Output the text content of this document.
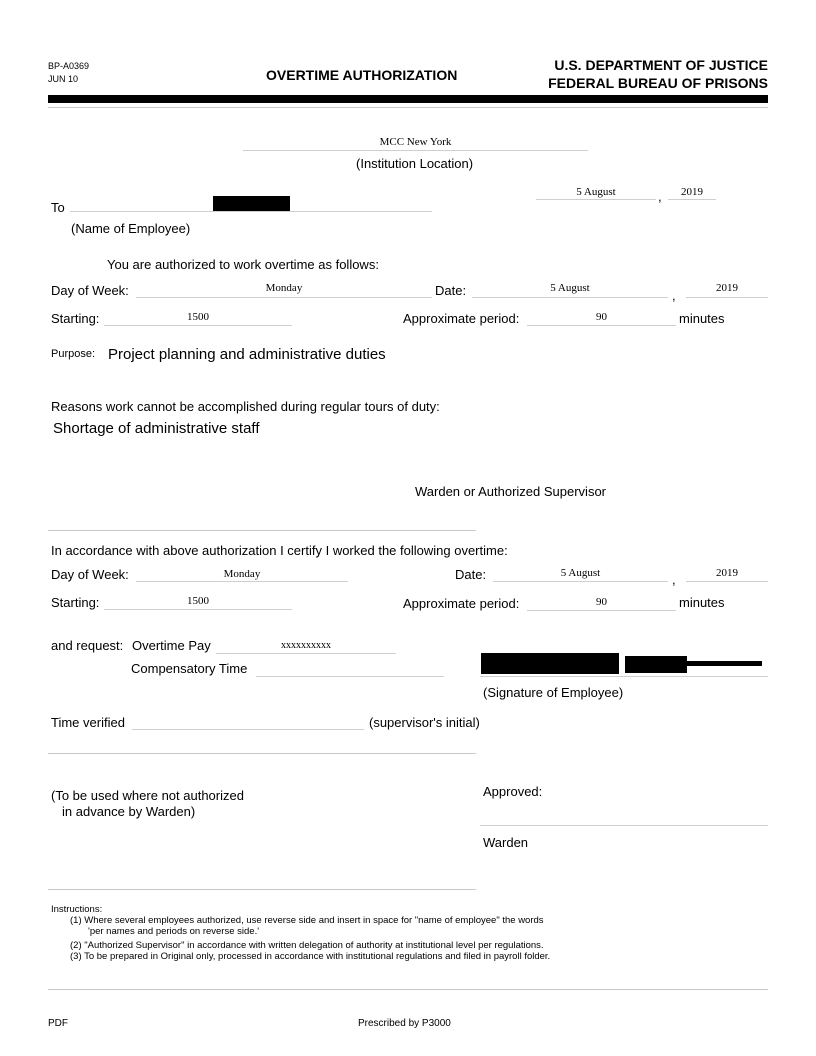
BP-A0369
JUN 10	OVERTIME AUTHORIZATION
U.S. DEPARTMENT OF JUSTICE
FEDERAL BUREAU OF PRISONS
MCC New York
(Institution Location)
5 August	,	2019
To
(Name of Employee)
You are authorized to work overtime as follows:
Day of Week:	Monday	Date:	5 August	,	2019
Starting:	1500	Approximate period:	90	minutes
Purpose: Project planning and administrative duties
Reasons work cannot be accomplished during regular tours of duty:
Shortage of administrative staff
Warden or Authorized Supervisor
In accordance with above authorization I certify I worked the following overtime:
Day of Week:	Monday	Date:	5 August	,	2019
Starting:	1500	Approximate period:	90	minutes
and request: Overtime Pay	xxxxxxxxxx
Compensatory Time
(Signature of Employee)
Time verified	(supervisor's initial)
(To be used where not authorized
in advance by Warden)
Approved:
Warden
Instructions:
(1) Where several employees authorized, use reverse side and insert in space for "name of employee" the words
'per names and periods on reverse side.'
(2) "Authorized Supervisor" in accordance with written delegation of authority at institutional level per regulations.
(3) To be prepared in Original only, processed in accordance with institutional regulations and filed in payroll folder.
PDF	Prescribed by P3000
